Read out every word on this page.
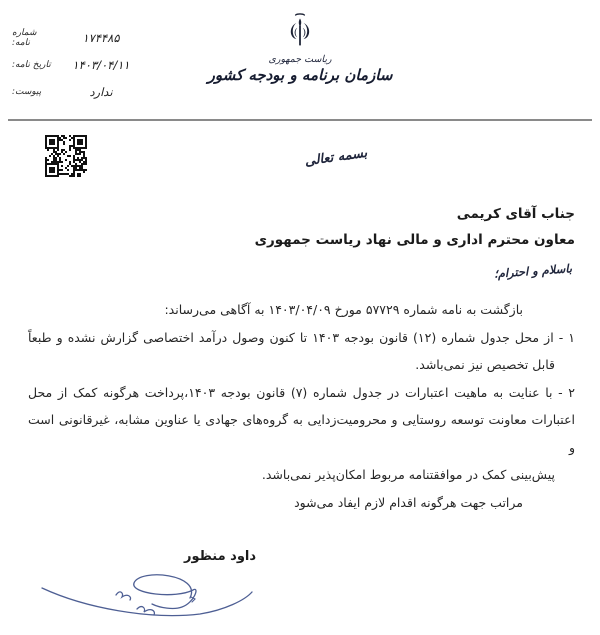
۱۷۴۴۸۵
شماره نامه:
۱۴۰۳/۰۴/۱۱
تاریخ نامه:
ندارد
پیوست:
ریاست جمهوری
سازمان برنامه و بودجه کشور
بسمه تعالی
جناب آقای کریمی
معاون محترم اداری و مالی نهاد ریاست جمهوری
باسلام و احترام؛
بازگشت به نامه شماره ۵۷۷۲۹ مورخ ۱۴۰۳/۰۴/۰۹ به آگاهی می‌رساند:
۱ - از محل جدول شماره (۱۲) قانون بودجه ۱۴۰۳ تا کنون وصول درآمد اختصاصی گزارش نشده و طبعاً
قابل تخصیص نیز نمی‌باشد.
۲ - با عنایت به ماهیت اعتبارات در جدول شماره (۷) قانون بودجه ۱۴۰۳،پرداخت هرگونه کمک از محل
اعتبارات معاونت توسعه روستایی و محرومیت‌زدایی به گروه‌های جهادی یا عناوین مشابه، غیرقانونی است و
پیش‌بینی کمک در موافقتنامه مربوط امکان‌پذیر نمی‌باشد.
مراتب جهت هرگونه اقدام لازم ایفاد می‌شود
داود منظور
